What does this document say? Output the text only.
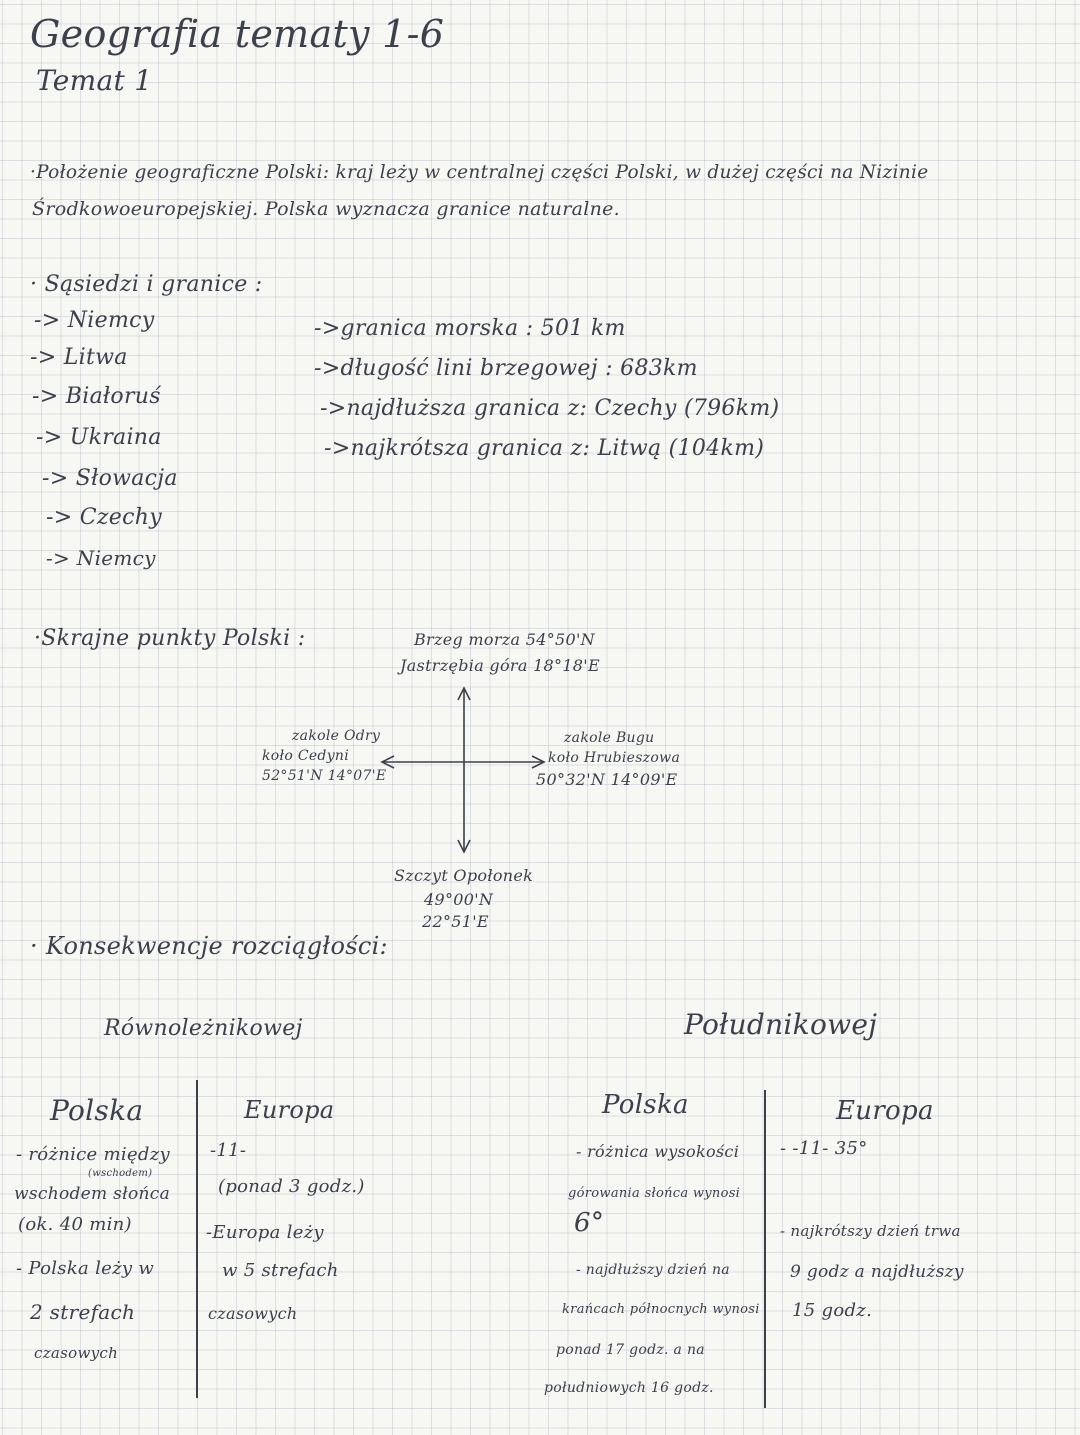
Geografia tematy 1-6
Temat 1
·Położenie geograficzne Polski: kraj leży w centralnej części Polski, w dużej części na Nizinie
Środkowoeuropejskiej. Polska wyznacza granice naturalne.
· Sąsiedzi i granice :
-> Niemcy
-> Litwa
-> Białoruś
-> Ukraina
-> Słowacja
-> Czechy
-> Niemcy
->granica morska : 501 km
->długość lini brzegowej : 683km
->najdłuższa granica z: Czechy (796km)
->najkrótsza granica z: Litwą (104km)
·Skrajne punkty Polski :	Brzeg morza 54°50'N
Jastrzębia góra 18°18'E
zakole Odry
koło Cedyni
52°51'N 14°07'E
zakole Bugu
koło Hrubieszowa
50°32'N 14°09'E
Szczyt Opołonek
49°00'N
22°51'E
· Konsekwencje rozciągłości:
Równoleżnikowej	Południkowej
Polska
- różnice między
(wschodem)
wschodem słońca
(ok. 40 min)
- Polska leży w
2 strefach
czasowych
Europa
-11-
(ponad 3 godz.)
-Europa leży
w 5 strefach
czasowych
Polska
- różnica wysokości
górowania słońca wynosi
6°
- najdłuższy dzień na
krańcach północnych wynosi
ponad 17 godz. a na
południowych 16 godz.
Europa
- -11- 35°
- najkrótszy dzień trwa
9 godz a najdłuższy
15 godz.
